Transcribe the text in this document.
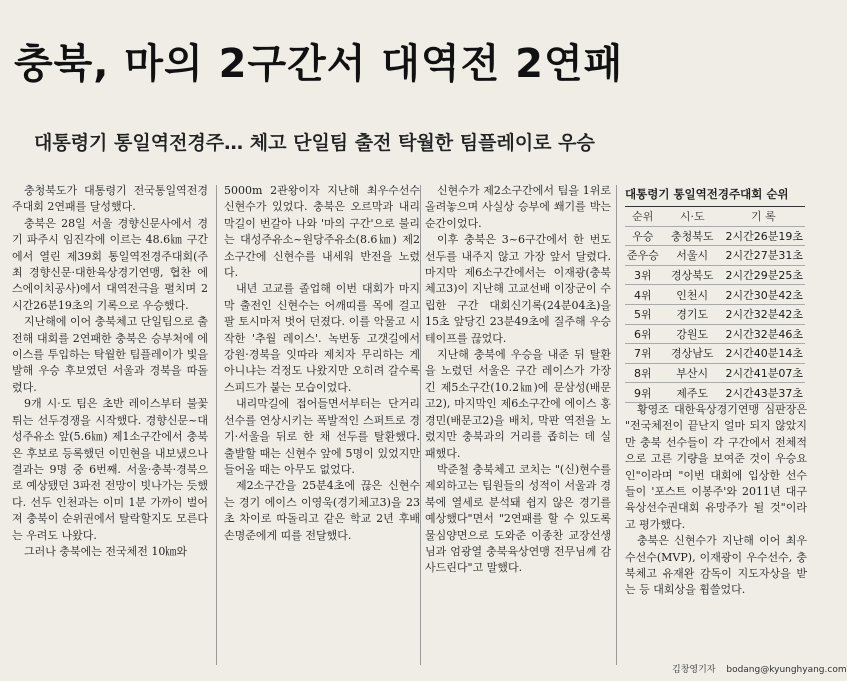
충북, 마의 2구간서 대역전 2연패
대통령기 통일역전경주… 체고 단일팀 출전 탁월한 팀플레이로 우승

충청북도가 대통령기 전국통일역전경주대회 2연패를 달성했다.

충북은 28일 서울 경향신문사에서 경기 파주시 임진각에 이르는 48.6㎞ 구간에서 열린 제39회 통일역전경주대회(주최 경향신문·대한육상경기연맹, 협찬 에스에이치공사)에서 대역전극을 펼치며 2시간26분19초의 기록으로 우승했다.

지난해에 이어 충북체고 단일팀으로 출전해 대회를 2연패한 충북은 승부처에 에이스를 투입하는 탁월한 팀플레이가 빛을 발해 우승 후보였던 서울과 경북을 따돌렸다.

9개 시·도 팀은 초반 레이스부터 불꽃튀는 선두경쟁을 시작했다. 경향신문~대성주유소 앞(5.6㎞) 제1소구간에서 충북은 후보로 등록했던 이민현을 내보냈으나 결과는 9명 중 6번째. 서울·충북·경북으로 예상됐던 3파전 전망이 빗나가는 듯했다. 선두 인천과는 이미 1분 가까이 벌어져 충북이 순위권에서 탈락할지도 모른다는 우려도 나왔다.

그러나 충북에는 전국체전 10㎞와

5000m 2관왕이자 지난해 최우수선수 신현수가 있었다. 충북은 오르막과 내리막길이 번갈아 나와 '마의 구간'으로 불리는 대성주유소~원당주유소(8.6㎞) 제2소구간에 신현수를 내세워 반전을 노렸다.

내년 고교를 졸업해 이번 대회가 마지막 출전인 신현수는 어깨띠를 목에 걸고 팔 토시마저 벗어 던졌다. 이를 악물고 시작한 '추월 레이스'. 녹번동 고갯길에서 강원·경북을 잇따라 제치자 무리하는 게 아니냐는 걱정도 나왔지만 오히려 갈수록 스피드가 붙는 모습이었다.

내리막길에 접어들면서부터는 단거리 선수를 연상시키는 폭발적인 스퍼트로 경기·서울을 뒤로 한 채 선두를 탈환했다. 출발할 때는 신현수 앞에 5명이 있었지만 들어올 때는 아무도 없었다.

제2소구간을 25분4초에 끊은 신현수는 경기 에이스 이영욱(경기체고3)을 23초 차이로 따돌리고 같은 학교 2년 후배 손명준에게 띠를 전달했다.

신현수가 제2소구간에서 팀을 1위로 올려놓으며 사실상 승부에 쐐기를 박는 순간이었다.

이후 충북은 3~6구간에서 한 번도 선두를 내주지 않고 가장 앞서 달렸다. 마지막 제6소구간에서는 이재광(충북체고3)이 지난해 고교선배 이장군이 수립한 구간 대회신기록(24분04초)을 15초 앞당긴 23분49초에 질주해 우승 테이프를 끊었다.

지난해 충북에 우승을 내준 뒤 탈환을 노렸던 서울은 구간 레이스가 가장 긴 제5소구간(10.2㎞)에 문삼성(배문고2), 마지막인 제6소구간에 에이스 홍경민(배문고2)을 배치, 막판 역전을 노렸지만 충북과의 거리를 좁히는 데 실패했다.

박준철 충북체고 코치는 "(신)현수를 제외하고는 팀원들의 성적이 서울과 경북에 열세로 분석돼 쉽지 않은 경기를 예상했다"면서 "2연패를 할 수 있도록 물심양면으로 도와준 이종찬 교장선생님과 엄광열 충북육상연맹 전무님께 감사드린다"고 말했다.

대통령기 통일역전경주대회 순위
순위	시·도	기 록
우승	충청북도	2시간26분19초
준우승	서울시	2시간27분31초
3위	경상북도	2시간29분25초
4위	인천시	2시간30분42초
5위	경기도	2시간32분42초
6위	강원도	2시간32분46초
7위	경상남도	2시간40분14초
8위	부산시	2시간41분07초
9위	제주도	2시간43분37초

황영조 대한육상경기연맹 심판장은 "전국체전이 끝난지 얼마 되지 않았지만 충북 선수들이 각 구간에서 전체적으로 고른 기량을 보여준 것이 우승요인"이라며 "이번 대회에 입상한 선수들이 '포스트 이봉주'와 2011년 대구육상선수권대회 유망주가 될 것"이라고 평가했다.

충북은 신현수가 지난해 이어 최우수선수(MVP), 이재광이 우수선수, 충북체고 유재완 감독이 지도자상을 받는 등 대회상을 휩쓸었다.

김창영기자 bodang@kyunghyang.com
